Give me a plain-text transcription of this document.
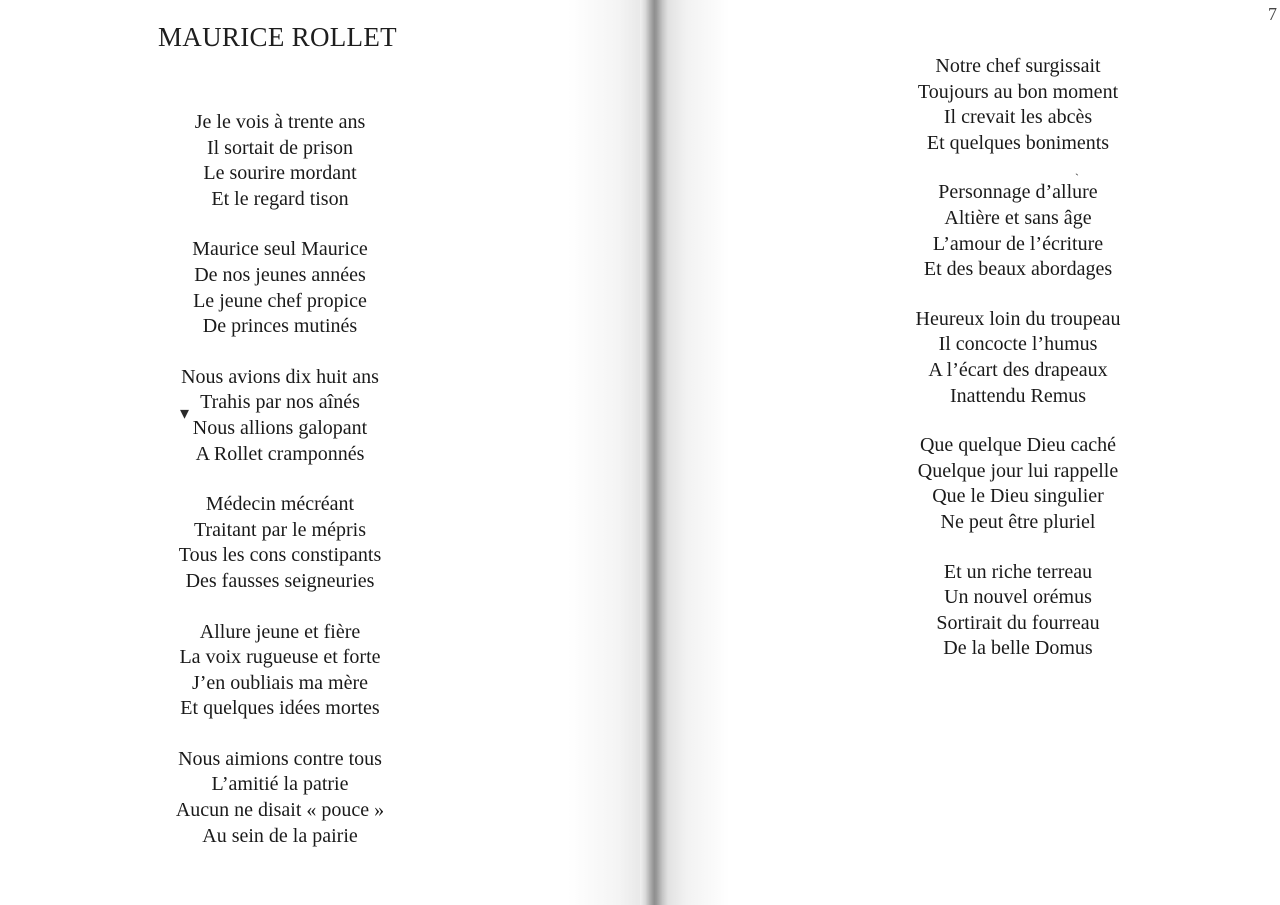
MAURICE ROLLET
Je le vois à trente ans
Il sortait de prison
Le sourire mordant
Et le regard tison
Maurice seul Maurice
De nos jeunes années
Le jeune chef propice
De princes mutinés
Nous avions dix huit ans
Trahis par nos aînés
Nous allions galopant
A Rollet cramponnés
Médecin mécréant
Traitant par le mépris
Tous les cons constipants
Des fausses seigneuries
Allure jeune et fière
La voix rugueuse et forte
J’en oubliais ma mère
Et quelques idées mortes
Nous aimions contre tous
L’amitié la patrie
Aucun ne disait « pouce »
Au sein de la pairie
Notre chef surgissait
Toujours au bon moment
Il crevait les abcès
Et quelques boniments
Personnage d’allure
Altière et sans âge
L’amour de l’écriture
Et des beaux abordages
Heureux loin du troupeau
Il concocte l’humus
A l’écart des drapeaux
Inattendu Remus
Que quelque Dieu caché
Quelque jour lui rappelle
Que le Dieu singulier
Ne peut être pluriel
Et un riche terreau
Un nouvel orémus
Sortirait du fourreau
De la belle Domus
▾
ˎ
7
